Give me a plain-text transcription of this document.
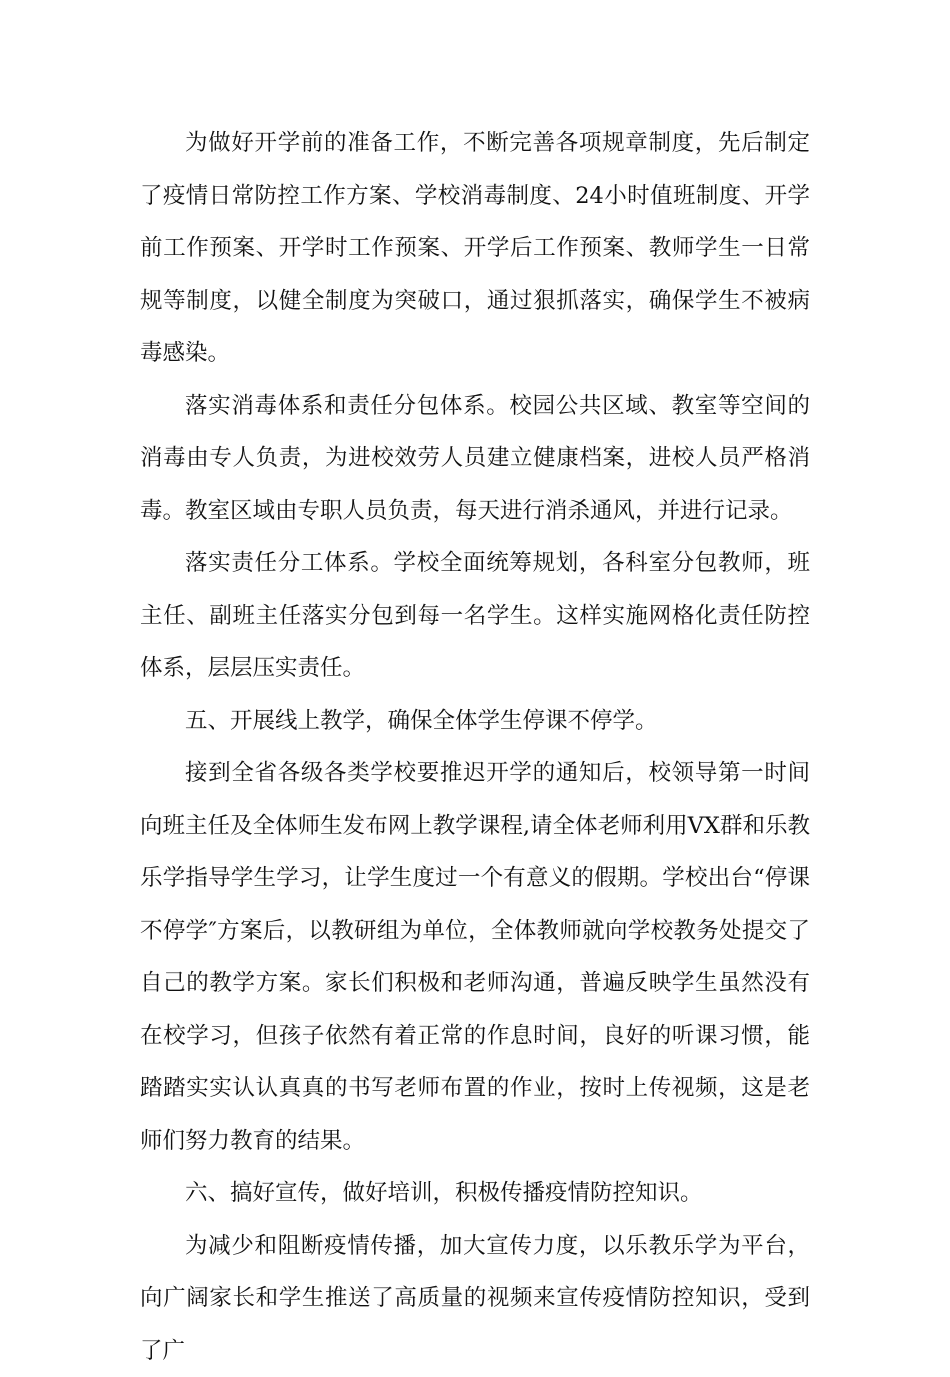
为做好开学前的准备工作，不断完善各项规章制度，先后制定了疫情日常防控工作方案、学校消毒制度、24小时值班制度、开学前工作预案、开学时工作预案、开学后工作预案、教师学生一日常规等制度，以健全制度为突破口，通过狠抓落实，确保学生不被病毒感染。

落实消毒体系和责任分包体系。校园公共区域、教室等空间的消毒由专人负责，为进校效劳人员建立健康档案，进校人员严格消毒。教室区域由专职人员负责，每天进行消杀通风，并进行记录。

落实责任分工体系。学校全面统筹规划，各科室分包教师，班主任、副班主任落实分包到每一名学生。这样实施网格化责任防控体系，层层压实责任。

五、开展线上教学，确保全体学生停课不停学。

接到全省各级各类学校要推迟开学的通知后，校领导第一时间向班主任及全体师生发布网上教学课程,请全体老师利用VX群和乐教乐学指导学生学习，让学生度过一个有意义的假期。学校出台“停课不停学″方案后，以教研组为单位，全体教师就向学校教务处提交了自己的教学方案。家长们积极和老师沟通，普遍反映学生虽然没有在校学习，但孩子依然有着正常的作息时间，良好的听课习惯，能踏踏实实认认真真的书写老师布置的作业，按时上传视频，这是老师们努力教育的结果。

六、搞好宣传，做好培训，积极传播疫情防控知识。

为减少和阻断疫情传播，加大宣传力度，以乐教乐学为平台，向广阔家长和学生推送了高质量的视频来宣传疫情防控知识，受到了广
